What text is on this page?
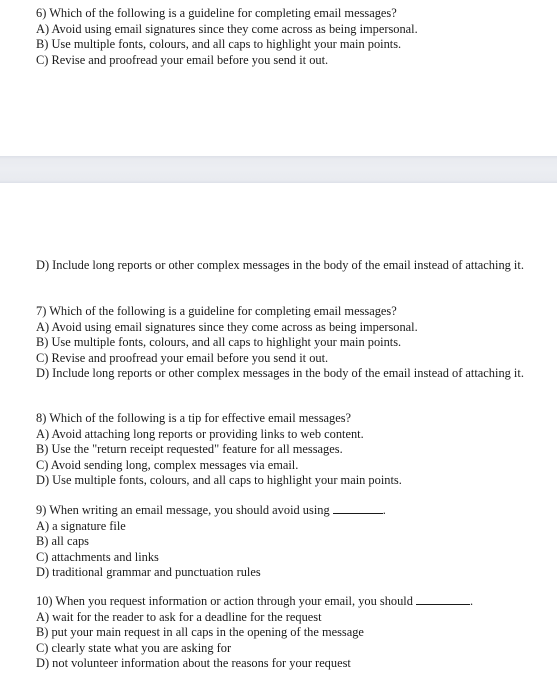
6) Which of the following is a guideline for completing email messages?
A) Avoid using email signatures since they come across as being impersonal.
B) Use multiple fonts, colours, and all caps to highlight your main points.
C) Revise and proofread your email before you send it out.
D) Include long reports or other complex messages in the body of the email instead of attaching it.
7) Which of the following is a guideline for completing email messages?
A) Avoid using email signatures since they come across as being impersonal.
B) Use multiple fonts, colours, and all caps to highlight your main points.
C) Revise and proofread your email before you send it out.
D) Include long reports or other complex messages in the body of the email instead of attaching it.
8) Which of the following is a tip for effective email messages?
A) Avoid attaching long reports or providing links to web content.
B) Use the "return receipt requested" feature for all messages.
C) Avoid sending long, complex messages via email.
D) Use multiple fonts, colours, and all caps to highlight your main points.
9) When writing an email message, you should avoid using	.
A) a signature file
B) all caps
C) attachments and links
D) traditional grammar and punctuation rules
10) When you request information or action through your email, you should	.
A) wait for the reader to ask for a deadline for the request
B) put your main request in all caps in the opening of the message
C) clearly state what you are asking for
D) not volunteer information about the reasons for your request
